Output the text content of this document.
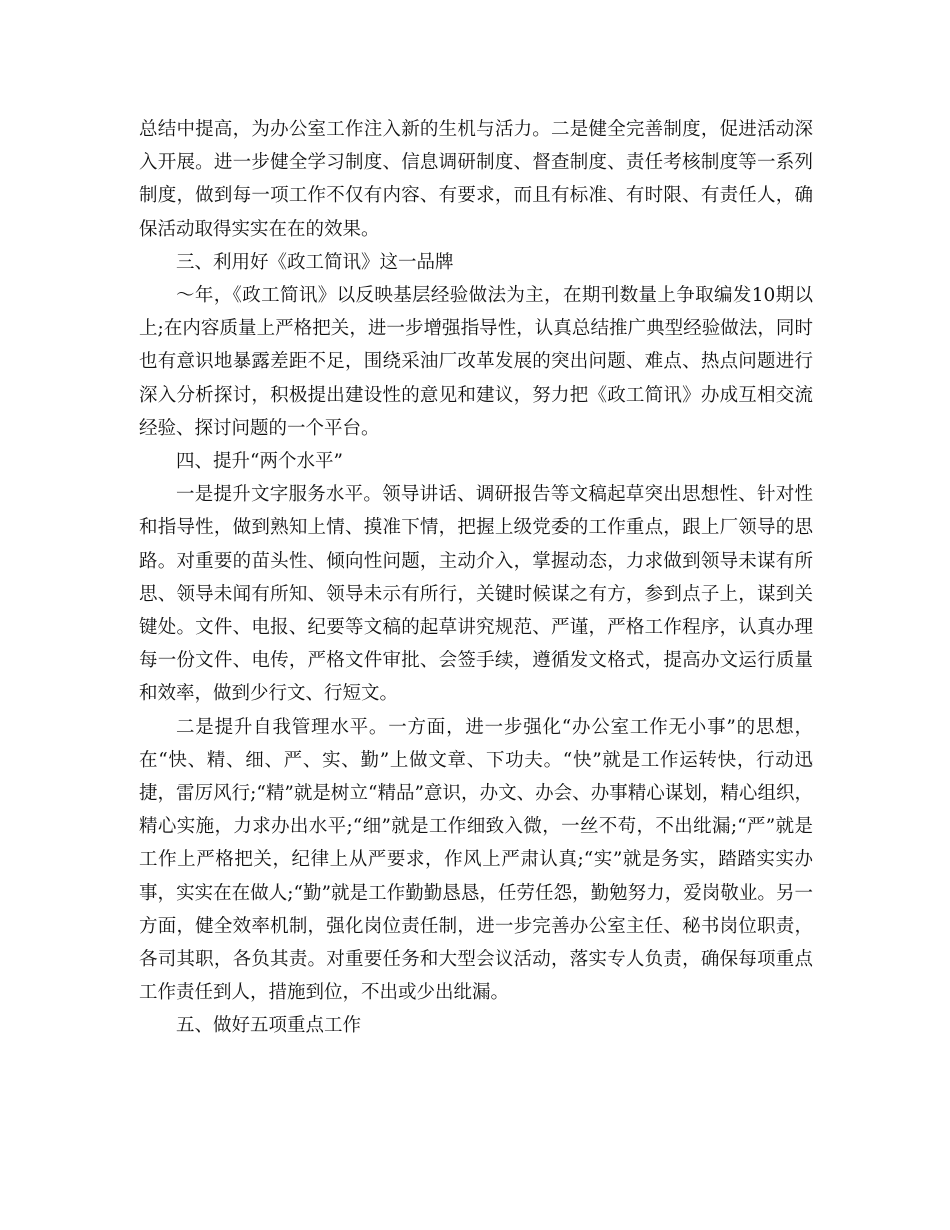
总结中提高，为办公室工作注入新的生机与活力。二是健全完善制度，促进活动深入开展。进一步健全学习制度、信息调研制度、督查制度、责任考核制度等一系列制度，做到每一项工作不仅有内容、有要求，而且有标准、有时限、有责任人，确保活动取得实实在在的效果。

三、利用好《政工简讯》这一品牌

～年，《政工简讯》以反映基层经验做法为主，在期刊数量上争取编发10期以上;在内容质量上严格把关，进一步增强指导性，认真总结推广典型经验做法，同时也有意识地暴露差距不足，围绕采油厂改革发展的突出问题、难点、热点问题进行深入分析探讨，积极提出建设性的意见和建议，努力把《政工简讯》办成互相交流经验、探讨问题的一个平台。

四、提升“两个水平”

一是提升文字服务水平。领导讲话、调研报告等文稿起草突出思想性、针对性和指导性，做到熟知上情、摸准下情，把握上级党委的工作重点，跟上厂领导的思路。对重要的苗头性、倾向性问题，主动介入，掌握动态，力求做到领导未谋有所思、领导未闻有所知、领导未示有所行，关键时候谋之有方，参到点子上，谋到关键处。文件、电报、纪要等文稿的起草讲究规范、严谨，严格工作程序，认真办理每一份文件、电传，严格文件审批、会签手续，遵循发文格式，提高办文运行质量和效率，做到少行文、行短文。

二是提升自我管理水平。一方面，进一步强化“办公室工作无小事”的思想，在“快、精、细、严、实、勤”上做文章、下功夫。“快”就是工作运转快，行动迅捷，雷厉风行;“精”就是树立“精品”意识，办文、办会、办事精心谋划，精心组织，精心实施，力求办出水平;“细”就是工作细致入微，一丝不苟，不出纰漏;“严”就是工作上严格把关，纪律上从严要求，作风上严肃认真;“实”就是务实，踏踏实实办事，实实在在做人;“勤”就是工作勤勤恳恳，任劳任怨，勤勉努力，爱岗敬业。另一方面，健全效率机制，强化岗位责任制，进一步完善办公室主任、秘书岗位职责，各司其职，各负其责。对重要任务和大型会议活动，落实专人负责，确保每项重点工作责任到人，措施到位，不出或少出纰漏。

五、做好五项重点工作
